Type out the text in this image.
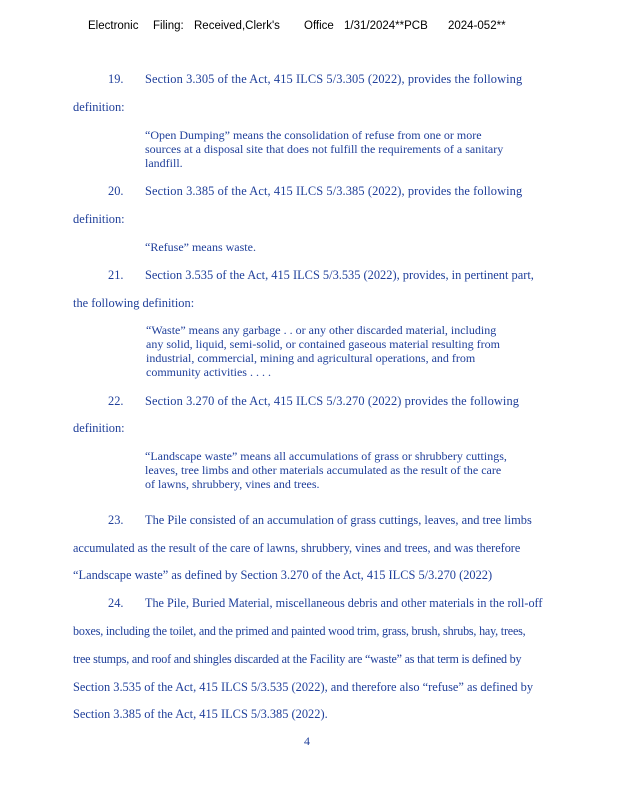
Electronic Filing: Received,Clerk's Office 1/31/2024**PCB 2024-052**
19. Section 3.305 of the Act, 415 ILCS 5/3.305 (2022), provides the following
definition:
“Open Dumping” means the consolidation of refuse from one or more
sources at a disposal site that does not fulfill the requirements of a sanitary
landfill.
20. Section 3.385 of the Act, 415 ILCS 5/3.385 (2022), provides the following
definition:
“Refuse” means waste.
21. Section 3.535 of the Act, 415 ILCS 5/3.535 (2022), provides, in pertinent part,
the following definition:
“Waste” means any garbage . . or any other discarded material, including
any solid, liquid, semi-solid, or contained gaseous material resulting from
industrial, commercial, mining and agricultural operations, and from
community activities . . . .
22. Section 3.270 of the Act, 415 ILCS 5/3.270 (2022) provides the following
definition:
“Landscape waste” means all accumulations of grass or shrubbery cuttings,
leaves, tree limbs and other materials accumulated as the result of the care
of lawns, shrubbery, vines and trees.
23. The Pile consisted of an accumulation of grass cuttings, leaves, and tree limbs
accumulated as the result of the care of lawns, shrubbery, vines and trees, and was therefore
“Landscape waste” as defined by Section 3.270 of the Act, 415 ILCS 5/3.270 (2022)
24. The Pile, Buried Material, miscellaneous debris and other materials in the roll-off
boxes, including the toilet, and the primed and painted wood trim, grass, brush, shrubs, hay, trees,
tree stumps, and roof and shingles discarded at the Facility are “waste” as that term is defined by
Section 3.535 of the Act, 415 ILCS 5/3.535 (2022), and therefore also “refuse” as defined by
Section 3.385 of the Act, 415 ILCS 5/3.385 (2022).
4
